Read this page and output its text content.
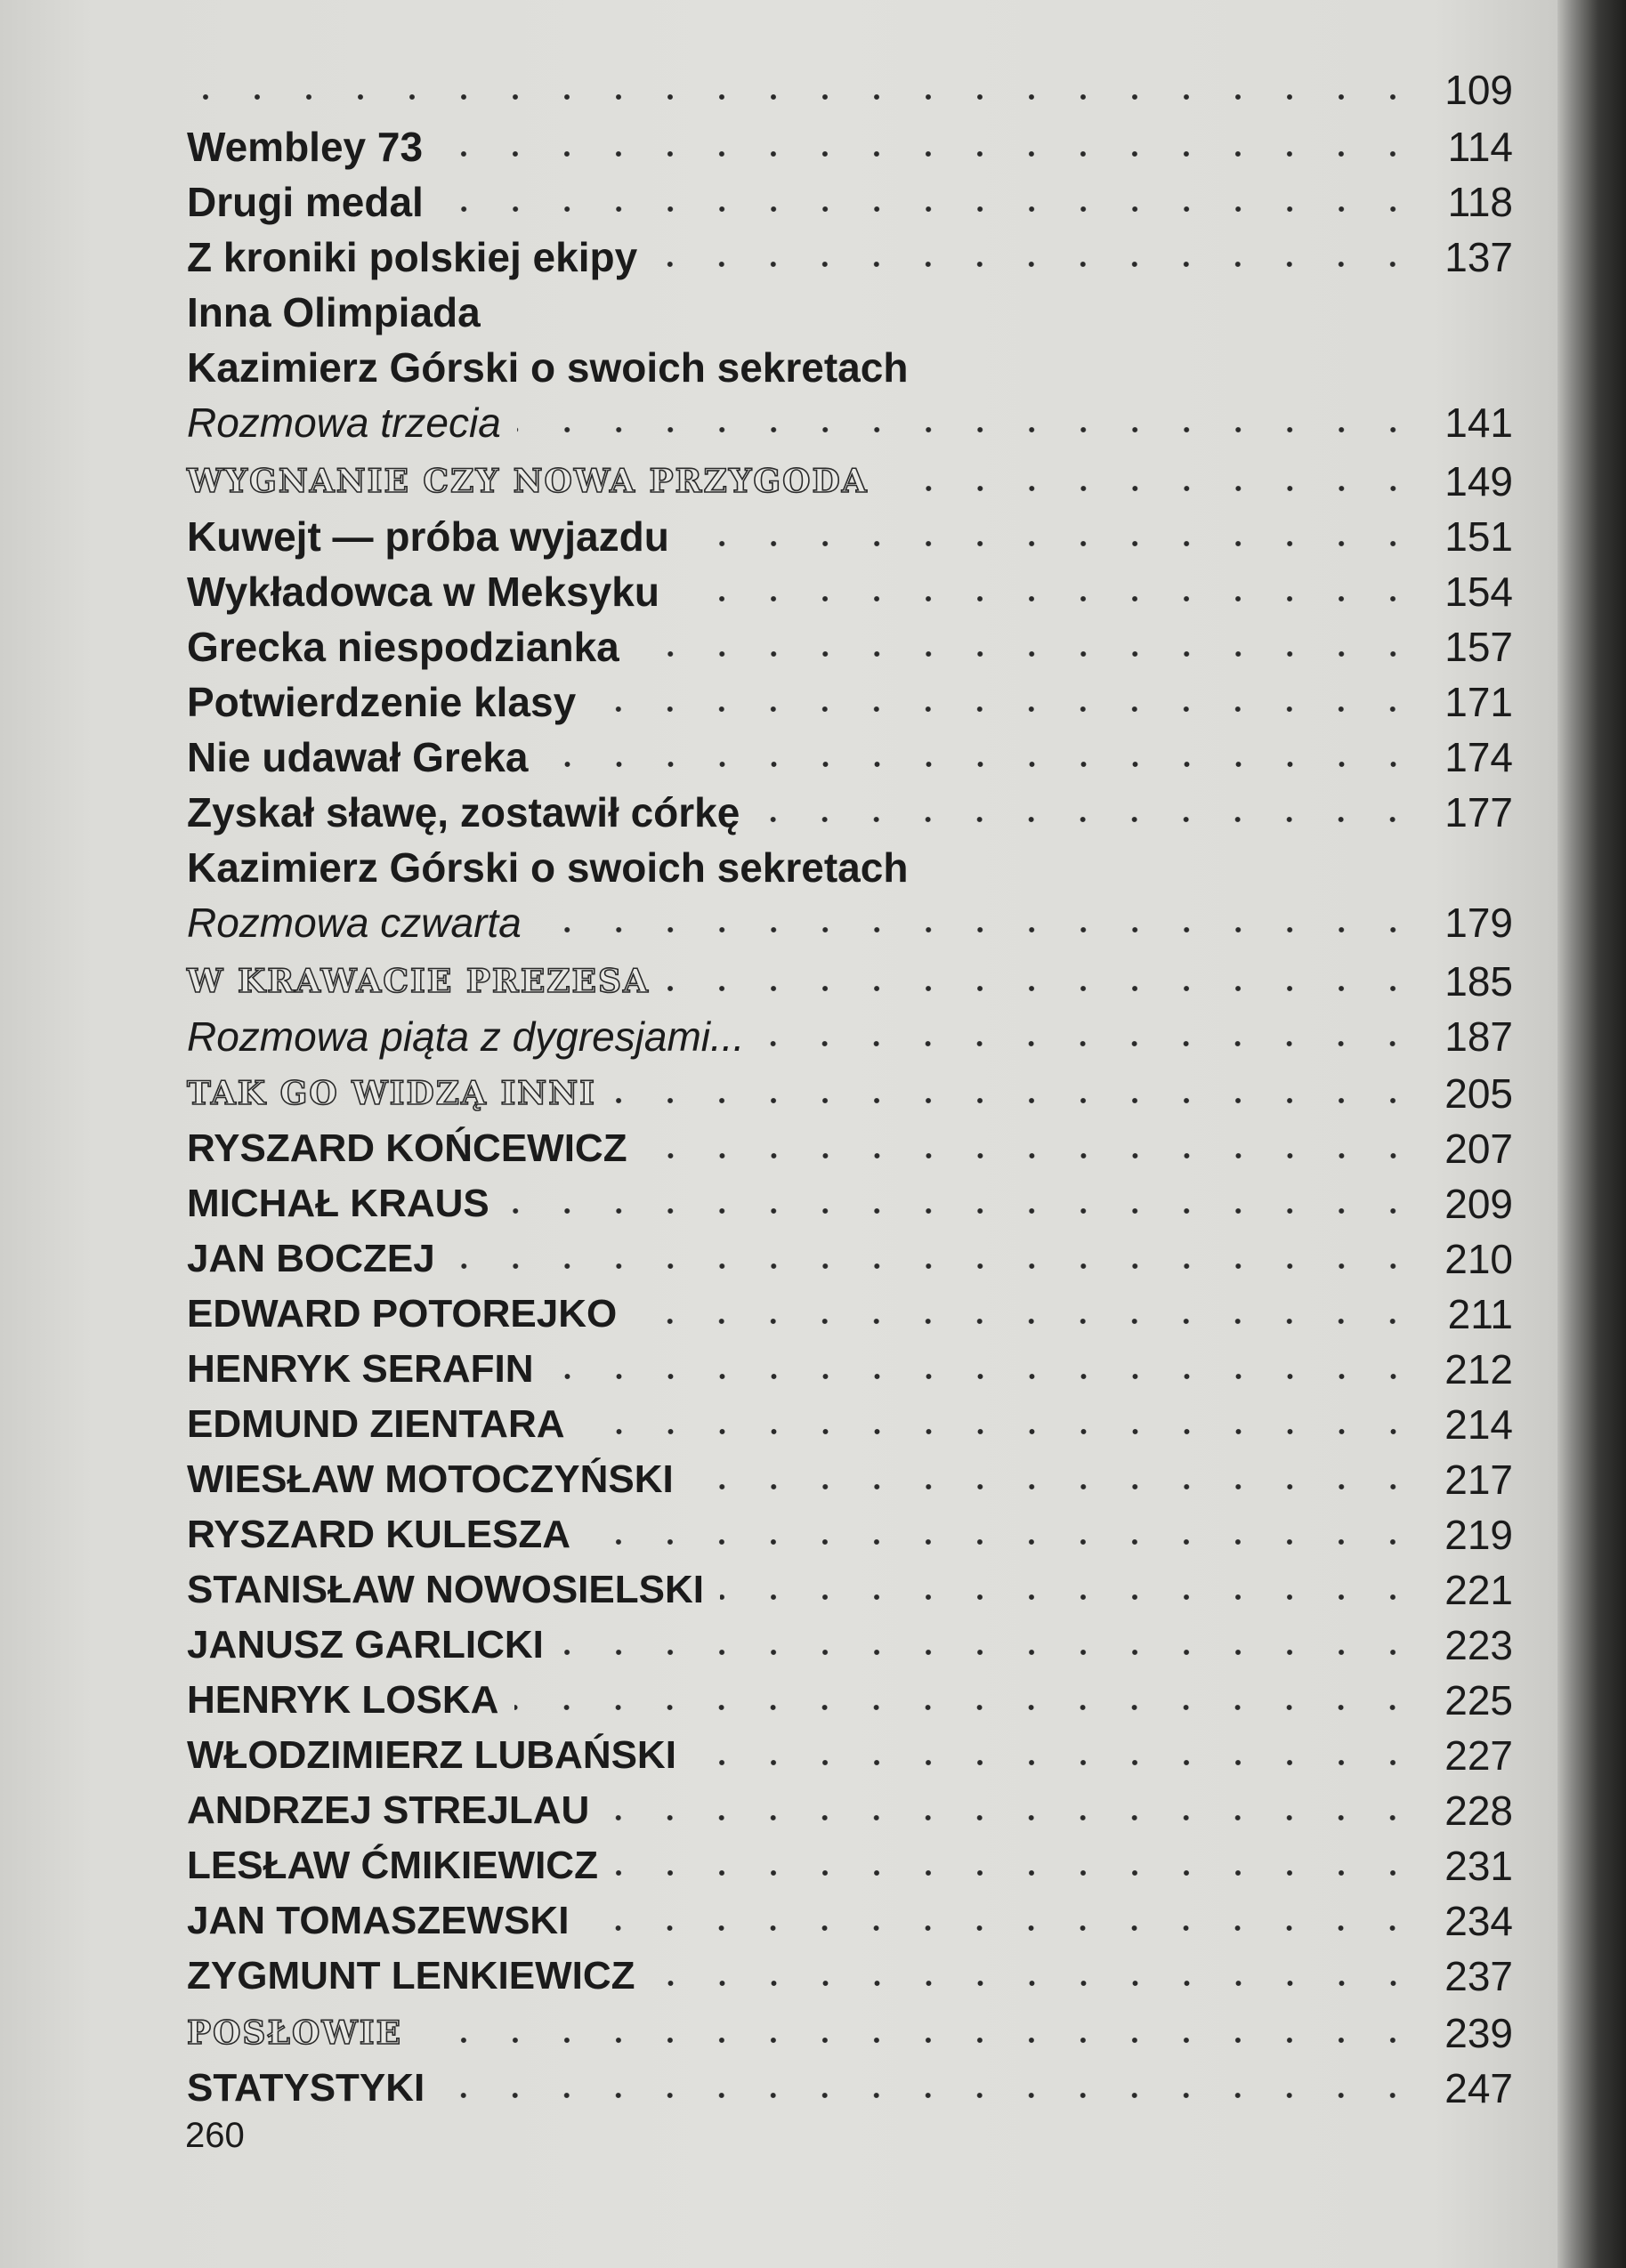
109
Wembley 73	114
Drugi medal	118
Z kroniki polskiej ekipy	137
Inna Olimpiada
Kazimierz Górski o swoich sekretach
Rozmowa trzecia	141
WYGNANIE CZY NOWA PRZYGODA	149
Kuwejt — próba wyjazdu	151
Wykładowca w Meksyku	154
Grecka niespodzianka	157
Potwierdzenie klasy	171
Nie udawał Greka	174
Zyskał sławę, zostawił córkę	177
Kazimierz Górski o swoich sekretach
Rozmowa czwarta	179
W KRAWACIE PREZESA	185
Rozmowa piąta z dygresjami...	187
TAK GO WIDZĄ INNI	205
RYSZARD KOŃCEWICZ	207
MICHAŁ KRAUS	209
JAN BOCZEJ	210
EDWARD POTOREJKO	211
HENRYK SERAFIN	212
EDMUND ZIENTARA	214
WIESŁAW MOTOCZYŃSKI	217
RYSZARD KULESZA	219
STANISŁAW NOWOSIELSKI	221
JANUSZ GARLICKI	223
HENRYK LOSKA	225
WŁODZIMIERZ LUBAŃSKI	227
ANDRZEJ STREJLAU	228
LESŁAW ĆMIKIEWICZ	231
JAN TOMASZEWSKI	234
ZYGMUNT LENKIEWICZ	237
POSŁOWIE	239
STATYSTYKI	247
260
